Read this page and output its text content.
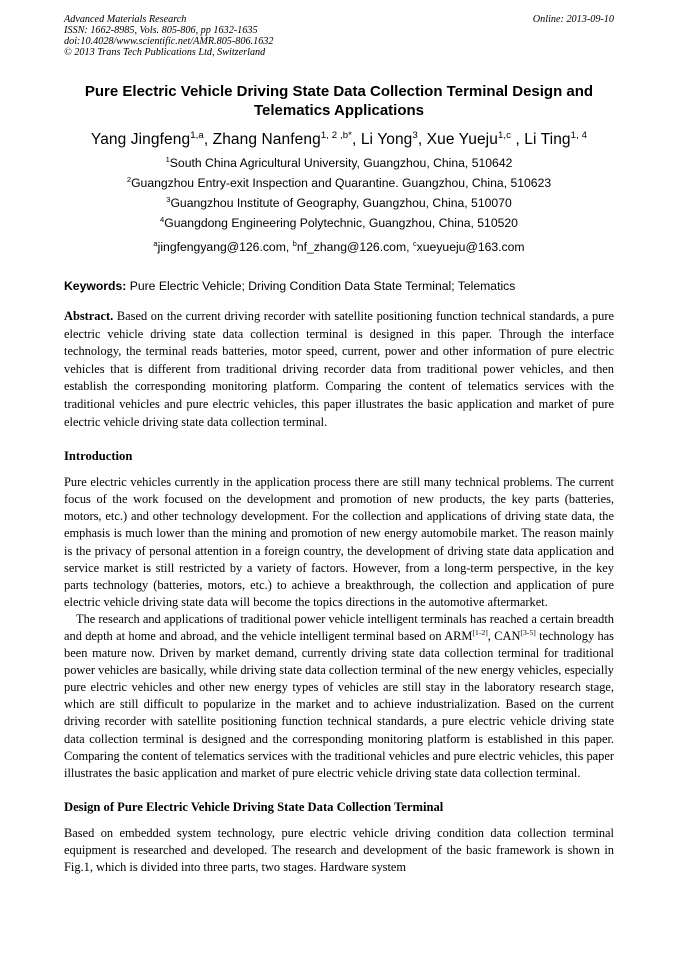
Advanced Materials Research
ISSN: 1662-8985, Vols. 805-806, pp 1632-1635
doi:10.4028/www.scientific.net/AMR.805-806.1632
© 2013 Trans Tech Publications Ltd, Switzerland
Online: 2013-09-10
Pure Electric Vehicle Driving State Data Collection Terminal Design and
Telematics Applications
Yang Jingfeng$^{1,a}$, Zhang Nanfeng$^{1, 2 ,b*}$, Li Yong$^3$, Xue Yueju$^{1,c}$ , Li Ting$^{1, 4}$
$^1$South China Agricultural University, Guangzhou, China, 510642
$^2$Guangzhou Entry-exit Inspection and Quarantine. Guangzhou, China, 510623
$^3$Guangzhou Institute of Geography, Guangzhou, China, 510070
$^4$Guangdong Engineering Polytechnic, Guangzhou, China, 510520
$^a$jingfengyang@126.com, $^b$nf_zhang@126.com, $^c$xueyueju@163.com
Keywords: Pure Electric Vehicle; Driving Condition Data State Terminal; Telematics
Abstract. Based on the current driving recorder with satellite positioning function technical standards, a pure electric vehicle driving state data collection terminal is designed in this paper. Through the interface technology, the terminal reads batteries, motor speed, current, power and other information of pure electric vehicles that is different from traditional driving recorder data from traditional power vehicles, and then establish the corresponding monitoring platform. Comparing the content of telematics services with the traditional vehicles and pure electric vehicles, this paper illustrates the basic application and market of pure electric vehicle driving state data collection terminal.
Introduction

Pure electric vehicles currently in the application process there are still many technical problems. The current focus of the work focused on the development and promotion of new products, the key parts (batteries, motors, etc.) and other technology development. For the collection and applications of driving state data, the emphasis is much lower than the mining and promotion of new energy automobile market. The reason mainly is the privacy of personal attention in a foreign country, the development of driving state data application and service market is still restricted by a variety of factors. However, from a long-term perspective, in the key parts technology (batteries, motors, etc.) to achieve a breakthrough, the collection and application of pure electric vehicle driving state data will become the topics directions in the automotive aftermarket.

The research and applications of traditional power vehicle intelligent terminals has reached a certain breadth and depth at home and abroad, and the vehicle intelligent terminal based on ARM[1-2], CAN[3-5] technology has been mature now. Driven by market demand, currently driving state data collection terminal for traditional power vehicles are basically, while driving state data collection terminal of the new energy vehicles, especially pure electric vehicles and other new energy types of vehicles are still stay in the laboratory research stage, which are still difficult to popularize in the market and to achieve industrialization. Based on the current driving recorder with satellite positioning function technical standards, a pure electric vehicle driving state data collection terminal is designed and the corresponding monitoring platform is established in this paper. Comparing the content of telematics services with the traditional vehicles and pure electric vehicles, this paper illustrates the basic application and market of pure electric vehicle driving state data collection terminal.

Design of Pure Electric Vehicle Driving State Data Collection Terminal

Based on embedded system technology, pure electric vehicle driving condition data collection terminal equipment is researched and developed. The research and development of the basic framework is shown in Fig.1, which is divided into three parts, two stages. Hardware system
